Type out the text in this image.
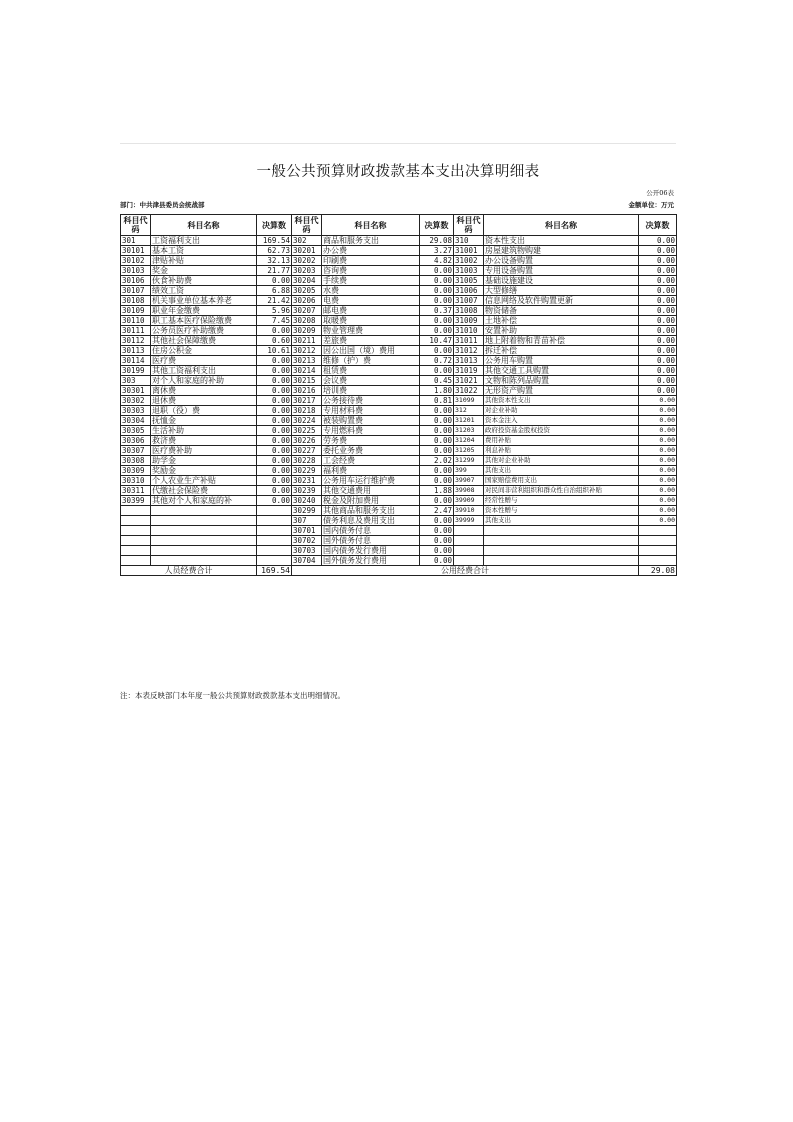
一般公共预算财政拨款基本支出决算明细表
公开06表
部门：中共津县委员会统战部	金额单位：万元
科目代码	科目名称	决算数	科目代码	科目名称	决算数	科目代码	科目名称	决算数
301	工资福利支出	169.54	302	商品和服务支出	29.08	310	资本性支出	0.00
30101	基本工资	62.73	30201	办公费	3.27	31001	房屋建筑物购建	0.00
30102	津贴补贴	32.13	30202	印刷费	4.82	31002	办公设备购置	0.00
30103	奖金	21.77	30203	咨询费	0.00	31003	专用设备购置	0.00
30106	伙食补助费	0.00	30204	手续费	0.00	31005	基础设施建设	0.00
30107	绩效工资	6.88	30205	水费	0.00	31006	大型修缮	0.00
30108	机关事业单位基本养老	21.42	30206	电费	0.00	31007	信息网络及软件购置更新	0.00
30109	职业年金缴费	5.96	30207	邮电费	0.37	31008	物资储备	0.00
30110	职工基本医疗保险缴费	7.45	30208	取暖费	0.00	31009	土地补偿	0.00
30111	公务员医疗补助缴费	0.00	30209	物业管理费	0.00	31010	安置补助	0.00
30112	其他社会保障缴费	0.60	30211	差旅费	10.47	31011	地上附着物和青苗补偿	0.00
30113	住房公积金	10.61	30212	因公出国（境）费用	0.00	31012	拆迁补偿	0.00
30114	医疗费	0.00	30213	维修（护）费	0.72	31013	公务用车购置	0.00
30199	其他工资福利支出	0.00	30214	租赁费	0.00	31019	其他交通工具购置	0.00
303	对个人和家庭的补助	0.00	30215	会议费	0.45	31021	文物和陈列品购置	0.00
30301	离休费	0.00	30216	培训费	1.80	31022	无形资产购置	0.00
30302	退休费	0.00	30217	公务接待费	0.81	31099	其他资本性支出	0.00
30303	退职（役）费	0.00	30218	专用材料费	0.00	312	对企业补助	0.00
30304	抚恤金	0.00	30224	被装购置费	0.00	31201	资本金注入	0.00
30305	生活补助	0.00	30225	专用燃料费	0.00	31203	政府投资基金股权投资	0.00
30306	救济费	0.00	30226	劳务费	0.00	31204	费用补贴	0.00
30307	医疗费补助	0.00	30227	委托业务费	0.00	31205	利息补贴	0.00
30308	助学金	0.00	30228	工会经费	2.02	31299	其他对企业补助	0.00
30309	奖励金	0.00	30229	福利费	0.00	399	其他支出	0.00
30310	个人农业生产补贴	0.00	30231	公务用车运行维护费	0.00	39907	国家赔偿费用支出	0.00
30311	代缴社会保险费	0.00	30239	其他交通费用	1.88	39908	对民间非营利组织和群众性自治组织补贴	0.00
30399	其他对个人和家庭的补	0.00	30240	税金及附加费用	0.00	39909	经常性赠与	0.00
			30299	其他商品和服务支出	2.47	39910	资本性赠与	0.00
			307	债务利息及费用支出	0.00	39999	其他支出	0.00
			30701	国内债务付息	0.00			
			30702	国外债务付息	0.00			
			30703	国内债务发行费用	0.00			
			30704	国外债务发行费用	0.00			
人员经费合计		169.54	公用经费合计					29.08
注：本表反映部门本年度一般公共预算财政拨款基本支出明细情况。
